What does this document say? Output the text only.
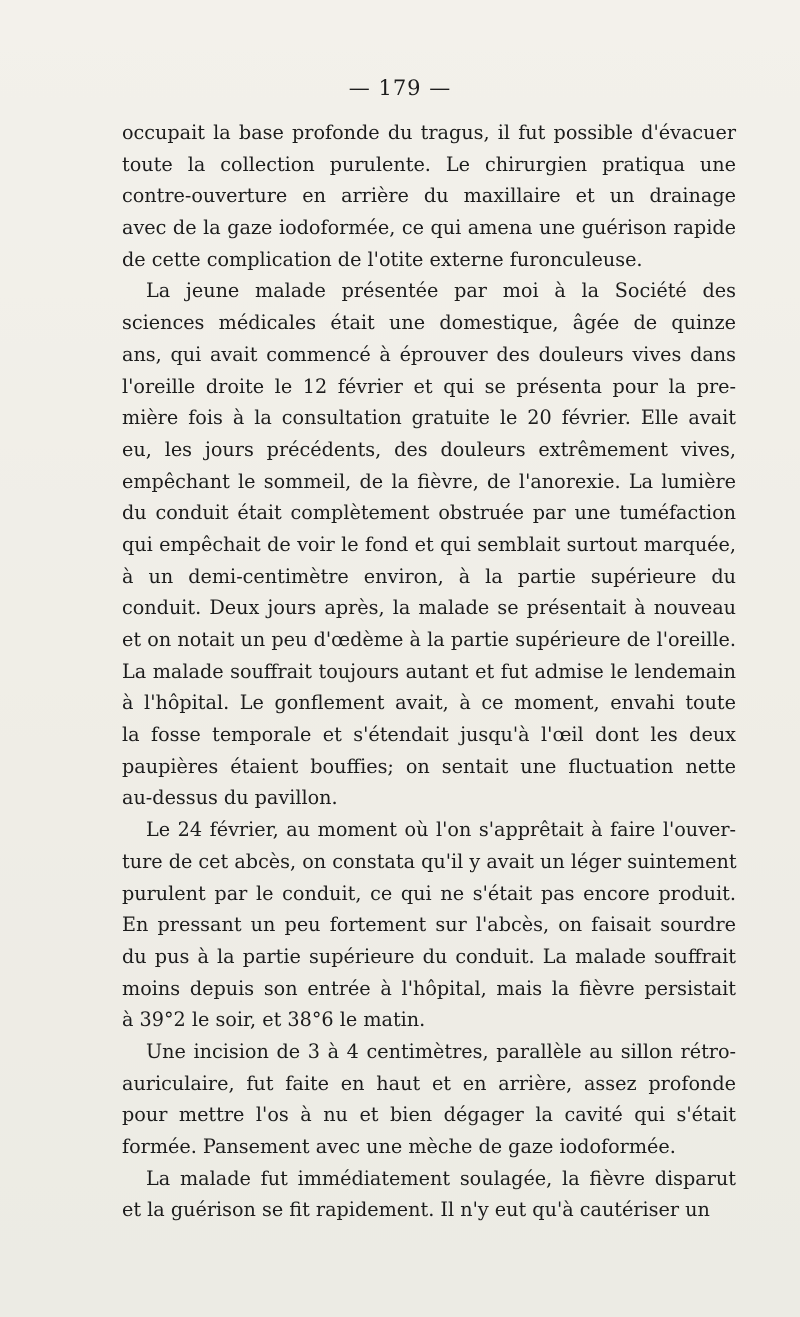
— 179 —
occupait la base profonde du tragus, il fut possible d'évacuer
toute la collection purulente. Le chirurgien pratiqua une
contre-ouverture en arrière du maxillaire et un drainage
avec de la gaze iodoformée, ce qui amena une guérison rapide
de cette complication de l'otite externe furonculeuse.
La jeune malade présentée par moi à la Société des
sciences médicales était une domestique, âgée de quinze
ans, qui avait commencé à éprouver des douleurs vives dans
l'oreille droite le 12 février et qui se présenta pour la pre-
mière fois à la consultation gratuite le 20 février. Elle avait
eu, les jours précédents, des douleurs extrêmement vives,
empêchant le sommeil, de la fièvre, de l'anorexie. La lumière
du conduit était complètement obstruée par une tuméfaction
qui empêchait de voir le fond et qui semblait surtout marquée,
à un demi-centimètre environ, à la partie supérieure du
conduit. Deux jours après, la malade se présentait à nouveau
et on notait un peu d'œdème à la partie supérieure de l'oreille.
La malade souffrait toujours autant et fut admise le lendemain
à l'hôpital. Le gonflement avait, à ce moment, envahi toute
la fosse temporale et s'étendait jusqu'à l'œil dont les deux
paupières étaient bouffies; on sentait une fluctuation nette
au-dessus du pavillon.
Le 24 février, au moment où l'on s'apprêtait à faire l'ouver-
ture de cet abcès, on constata qu'il y avait un léger suintement
purulent par le conduit, ce qui ne s'était pas encore produit.
En pressant un peu fortement sur l'abcès, on faisait sourdre
du pus à la partie supérieure du conduit. La malade souffrait
moins depuis son entrée à l'hôpital, mais la fièvre persistait
à 39°2 le soir, et 38°6 le matin.
Une incision de 3 à 4 centimètres, parallèle au sillon rétro-
auriculaire, fut faite en haut et en arrière, assez profonde
pour mettre l'os à nu et bien dégager la cavité qui s'était
formée. Pansement avec une mèche de gaze iodoformée.
La malade fut immédiatement soulagée, la fièvre disparut
et la guérison se fit rapidement. Il n'y eut qu'à cautériser un
